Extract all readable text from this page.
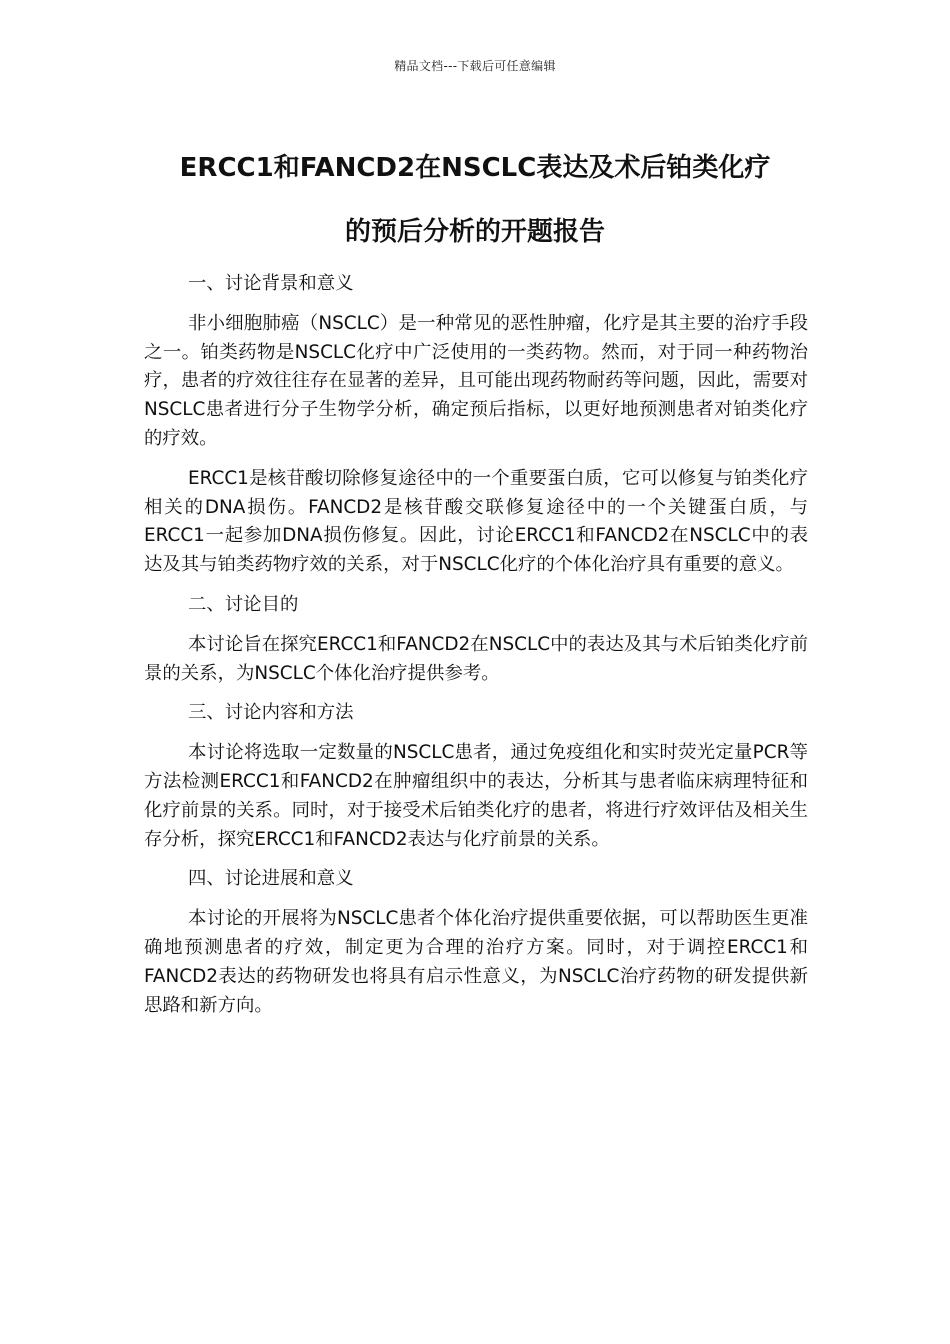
精品文档---下载后可任意编辑
ERCC1和FANCD2在NSCLC表达及术后铂类化疗
的预后分析的开题报告

一、讨论背景和意义

非小细胞肺癌（NSCLC）是一种常见的恶性肿瘤，化疗是其主要的治疗手段之一。铂类药物是NSCLC化疗中广泛使用的一类药物。然而，对于同一种药物治疗，患者的疗效往往存在显著的差异，且可能出现药物耐药等问题，因此，需要对NSCLC患者进行分子生物学分析，确定预后指标，以更好地预测患者对铂类化疗的疗效。

ERCC1是核苷酸切除修复途径中的一个重要蛋白质，它可以修复与铂类化疗相关的DNA损伤。FANCD2是核苷酸交联修复途径中的一个关键蛋白质，与ERCC1一起参加DNA损伤修复。因此，讨论ERCC1和FANCD2在NSCLC中的表达及其与铂类药物疗效的关系，对于NSCLC化疗的个体化治疗具有重要的意义。

二、讨论目的

本讨论旨在探究ERCC1和FANCD2在NSCLC中的表达及其与术后铂类化疗前景的关系，为NSCLC个体化治疗提供参考。

三、讨论内容和方法

本讨论将选取一定数量的NSCLC患者，通过免疫组化和实时荧光定量PCR等方法检测ERCC1和FANCD2在肿瘤组织中的表达，分析其与患者临床病理特征和化疗前景的关系。同时，对于接受术后铂类化疗的患者，将进行疗效评估及相关生存分析，探究ERCC1和FANCD2表达与化疗前景的关系。

四、讨论进展和意义

本讨论的开展将为NSCLC患者个体化治疗提供重要依据，可以帮助医生更准确地预测患者的疗效，制定更为合理的治疗方案。同时，对于调控ERCC1和FANCD2表达的药物研发也将具有启示性意义，为NSCLC治疗药物的研发提供新思路和新方向。
